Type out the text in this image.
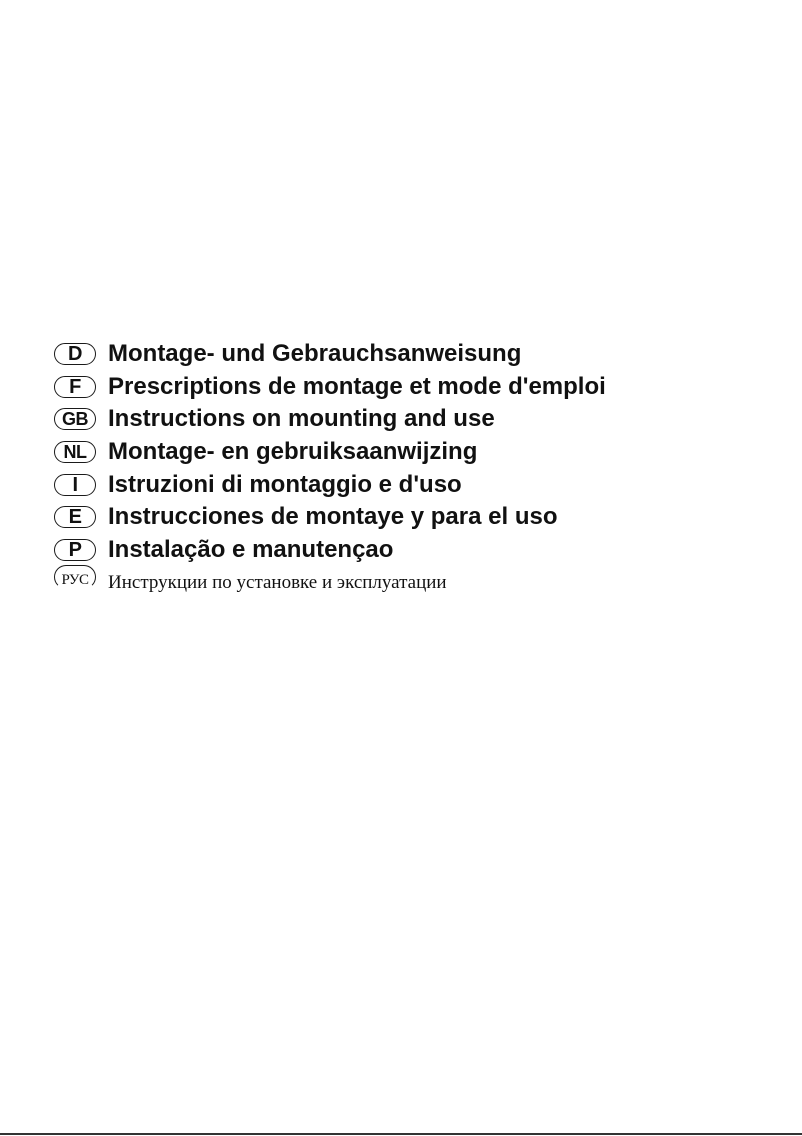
D	Montage- und Gebrauchsanweisung
F	Prescriptions de montage et mode d'emploi
GB Instructions on mounting and use
NL Montage- en gebruiksaanwijzing
I	Istruzioni di montaggio e d'uso
E	Instrucciones de montaye y para el uso
P	Instalação e manutençao
РУС	Инструкции по установке и эксплуатации
